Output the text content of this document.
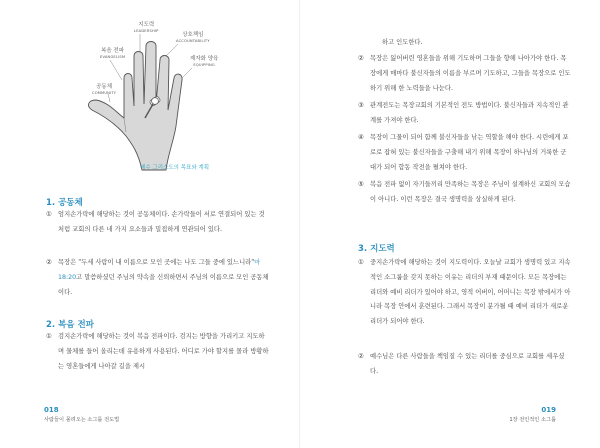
복음 전파
EVANGELISM
지도력
LEADERSHIP
상호책임
ACCOUNTABILITY
제자화 양육
EQUIPPING
공동체
COMMUNITY
예수 그리스도의 목표와 계획
1. 공동체
①	엄지손가락에 해당하는 것이 공동체이다. 손가락들이 서로 연결되어 있는 것처럼 교회의 다른 네 가지 요소들과 밀접하게 연관되어 있다.
②	목장은 "두세 사람이 내 이름으로 모인 곳에는 나도 그들 중에 있느니라"마 18:20고 말씀하셨던 주님의 약속을 신뢰하면서 주님의 이름으로 모인 공동체이다.
2. 복음 전파
①	검지손가락에 해당하는 것이 복음 전파이다. 검지는 방향을 가리키고 지도하며 물체를 들어 올리는데 유용하게 사용된다. 어디로 가야 할지를 몰라 방황하는 영혼들에게 나아갈 길을 제시
018
사람들이 몰려오는 소그룹 전도법
하고 인도한다.
②	목장은 잃어버린 영혼들을 위해 기도하며 그들을 향해 나아가야 한다. 목장에게 매마다 불신자들의 이름을 부르며 기도하고, 그들을 목장으로 인도하기 위해 한 노력들을 나눈다.
③	관계전도는 목장교회의 기본적인 전도 방법이다. 불신자들과 지속적인 관계를 가져야 한다.
④	목장이 그물이 되어 함께 불신자들을 낚는 역할을 해야 한다. 시린에게 포로로 잡혀 있는 불신자들을 구출해 내기 위해 목장이 하나님의 거룩한 군대가 되어 합동 작전을 펼쳐야 한다.
⑤	복음 전파 없이 자기들끼리 만족하는 목장은 주님이 설계하신 교회의 모습이 아니다. 이런 목장은 결국 생명력을 상실하게 된다.
3. 지도력
①	중지손가락에 해당하는 것이 지도력이다. 오늘날 교회가 생명력 있고 지속적인 소그룹을 갖지 못하는 이유는 리더의 부재 때문이다. 모든 목장에는 리더와 예비 리더가 있어야 하고, 영적 어버이, 어머니는 목장 밖에서가 아니라 목장 안에서 훈련된다. 그래서 목장이 분가될 때 예비 리더가 새로운 리더가 되어야 한다.
②	예수님은 다른 사람들을 책임질 수 있는 리더를 중심으로 교회를 세우셨다.
019
1장 전인적인 소그룹
